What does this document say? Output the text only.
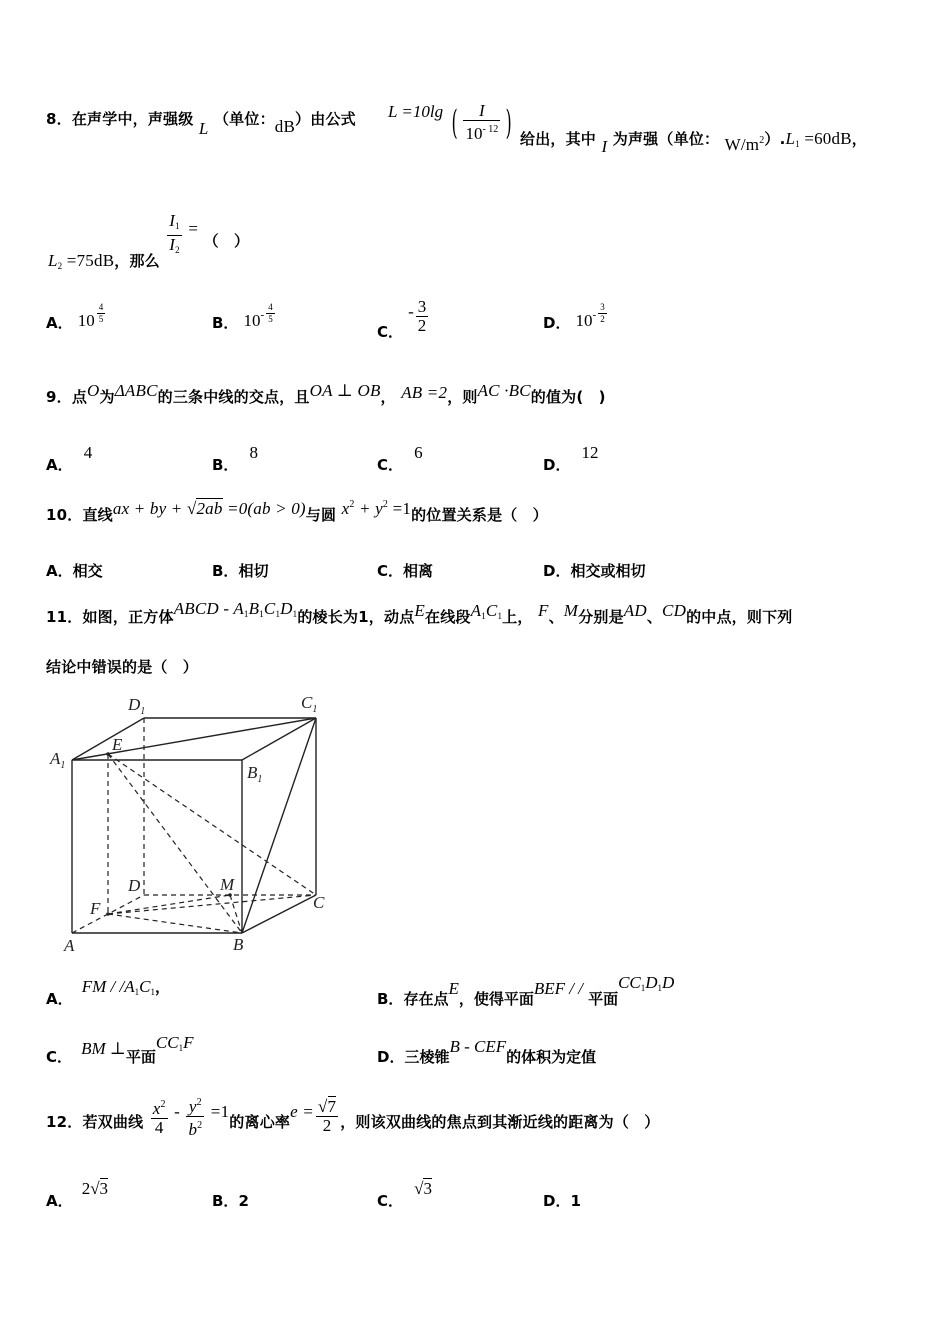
8．在声学中，声强级 L （单位：dB）由公式 L =10lg ( $\frac{I}{10^{- 12}}$ ) 给出，其中 I 为声强（单位： $W/m^2).L_1 =60dB$，
$L_2 =75dB$，那么
$\frac{I_1}{I_2}$ = （　）
A． $10 \frac{4}{5}$	B． $10^- \frac{4}{5}$
C． - $\frac{3}{2}$	D． $10^- \frac{3}{2}$
9．点O为ΔABC的三条中线的交点，且OA ⊥ OB， AB =2，则AC ·BC的值为(　)
A． 4
B． 8
C． 6
D． 12
10．直线ax + by + √2ab =0(ab > 0)与圆 $x^2 + y^2 =1$的位置关系是（　）
A．相交	B．相切	C．相离	D．相交或相切
11．如图，正方体ABCD - $A_1B_1C_1D_1$的棱长为1，动点E在线段$A_1C_1$上， F、M分别是AD、CD的中点，则下列
结论中错误的是（　）
$D_1$	$C_1$
E
$A_1$	$B_1$
D	M
F	C
A	B
A． FM / $/A_1C_1$，
B．存在点E，使得平面BEF / / 平面$CC_1D_1D$
C． BM ⊥平面$CC_1F$
D．三棱锥B - CEF的体积为定值
12．若双曲线 $\frac{x^2}{4} - \frac{y^2}{b^2} =1$的离心率$e = \frac{√7}{2}$ ，则该双曲线的焦点到其渐近线的距离为（　）
A． 2√3
B．2	C． √3
D．1
